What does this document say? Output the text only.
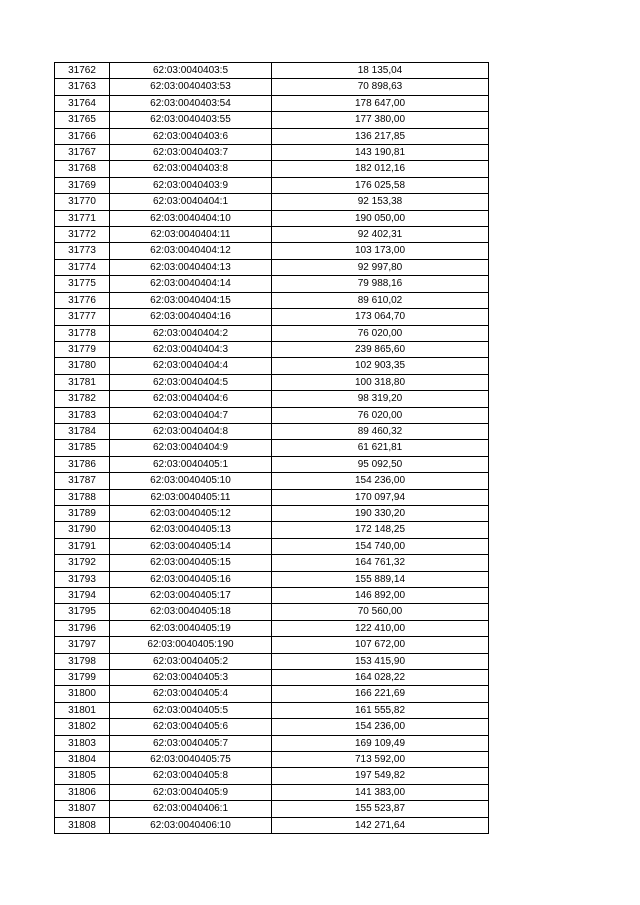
31762	62:03:0040403:5	18 135,04
31763	62:03:0040403:53	70 898,63
31764	62:03:0040403:54	178 647,00
31765	62:03:0040403:55	177 380,00
31766	62:03:0040403:6	136 217,85
31767	62:03:0040403:7	143 190,81
31768	62:03:0040403:8	182 012,16
31769	62:03:0040403:9	176 025,58
31770	62:03:0040404:1	92 153,38
31771	62:03:0040404:10	190 050,00
31772	62:03:0040404:11	92 402,31
31773	62:03:0040404:12	103 173,00
31774	62:03:0040404:13	92 997,80
31775	62:03:0040404:14	79 988,16
31776	62:03:0040404:15	89 610,02
31777	62:03:0040404:16	173 064,70
31778	62:03:0040404:2	76 020,00
31779	62:03:0040404:3	239 865,60
31780	62:03:0040404:4	102 903,35
31781	62:03:0040404:5	100 318,80
31782	62:03:0040404:6	98 319,20
31783	62:03:0040404:7	76 020,00
31784	62:03:0040404:8	89 460,32
31785	62:03:0040404:9	61 621,81
31786	62:03:0040405:1	95 092,50
31787	62:03:0040405:10	154 236,00
31788	62:03:0040405:11	170 097,94
31789	62:03:0040405:12	190 330,20
31790	62:03:0040405:13	172 148,25
31791	62:03:0040405:14	154 740,00
31792	62:03:0040405:15	164 761,32
31793	62:03:0040405:16	155 889,14
31794	62:03:0040405:17	146 892,00
31795	62:03:0040405:18	70 560,00
31796	62:03:0040405:19	122 410,00
31797	62:03:0040405:190	107 672,00
31798	62:03:0040405:2	153 415,90
31799	62:03:0040405:3	164 028,22
31800	62:03:0040405:4	166 221,69
31801	62:03:0040405:5	161 555,82
31802	62:03:0040405:6	154 236,00
31803	62:03:0040405:7	169 109,49
31804	62:03:0040405:75	713 592,00
31805	62:03:0040405:8	197 549,82
31806	62:03:0040405:9	141 383,00
31807	62:03:0040406:1	155 523,87
31808	62:03:0040406:10	142 271,64
